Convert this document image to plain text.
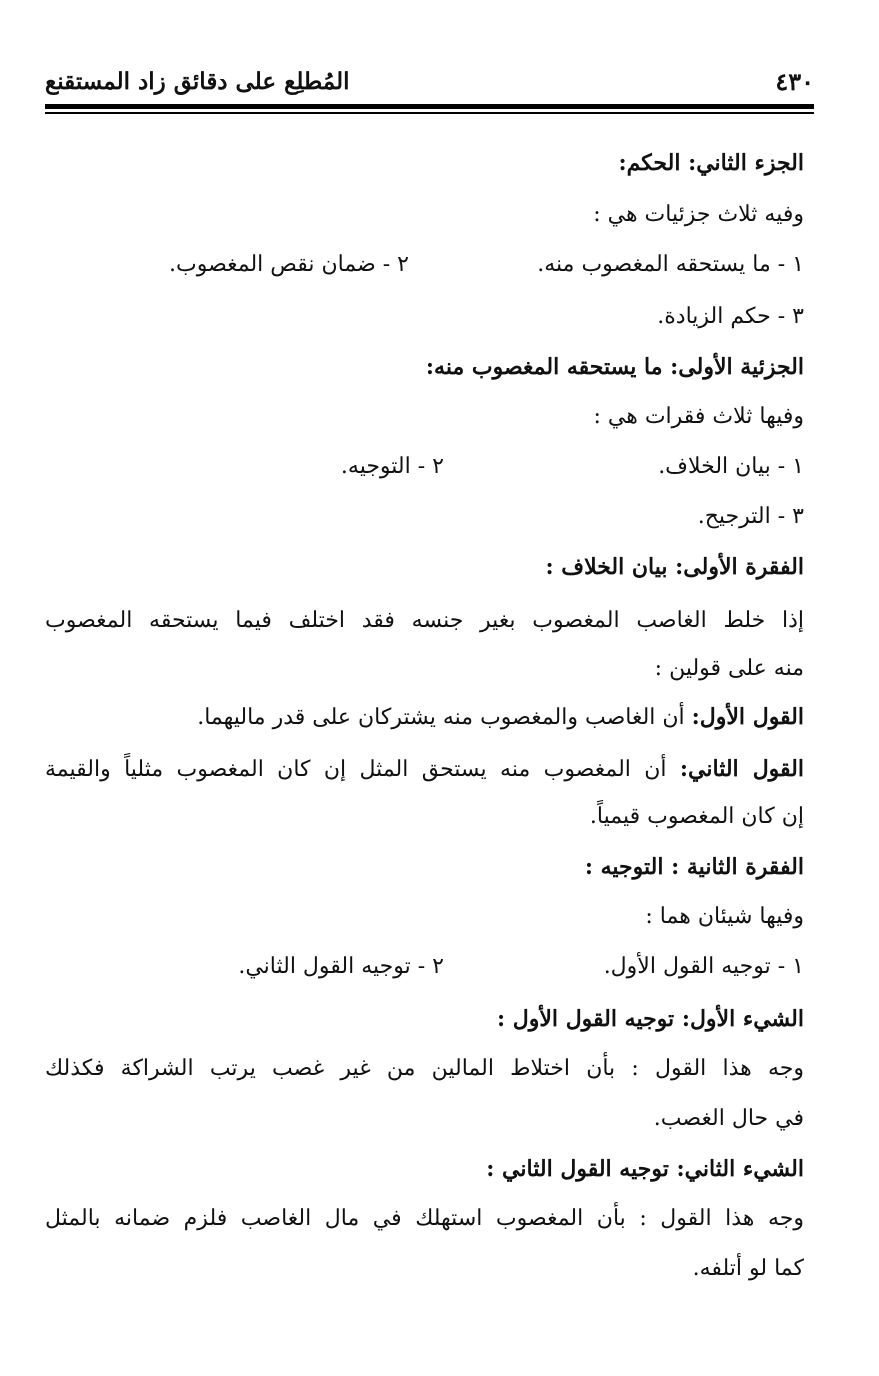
٤٣٠
المُطلِع على دقائق زاد المستقنع
الجزء الثاني: الحكم:
وفيه ثلاث جزئيات هي :
١ - ما يستحقه المغصوب منه.
٢ - ضمان نقص المغصوب.
٣ - حكم الزيادة.
الجزئية الأولى: ما يستحقه المغصوب منه:
وفيها ثلاث فقرات هي :
١ - بيان الخلاف.
٢ - التوجيه.
٣ - الترجيح.
الفقرة الأولى: بيان الخلاف :
إذا خلط الغاصب المغصوب بغير جنسه فقد اختلف فيما يستحقه المغصوب
منه على قولين :
القول الأول: أن الغاصب والمغصوب منه يشتركان على قدر ماليهما.
القول الثاني: أن المغصوب منه يستحق المثل إن كان المغصوب مثلياً والقيمة
إن كان المغصوب قيمياً.
الفقرة الثانية : التوجيه :
وفيها شيئان هما :
١ - توجيه القول الأول.
٢ - توجيه القول الثاني.
الشيء الأول: توجيه القول الأول :
وجه هذا القول : بأن اختلاط المالين من غير غصب يرتب الشراكة فكذلك
في حال الغصب.
الشيء الثاني: توجيه القول الثاني :
وجه هذا القول : بأن المغصوب استهلك في مال الغاصب فلزم ضمانه بالمثل
كما لو أتلفه.
